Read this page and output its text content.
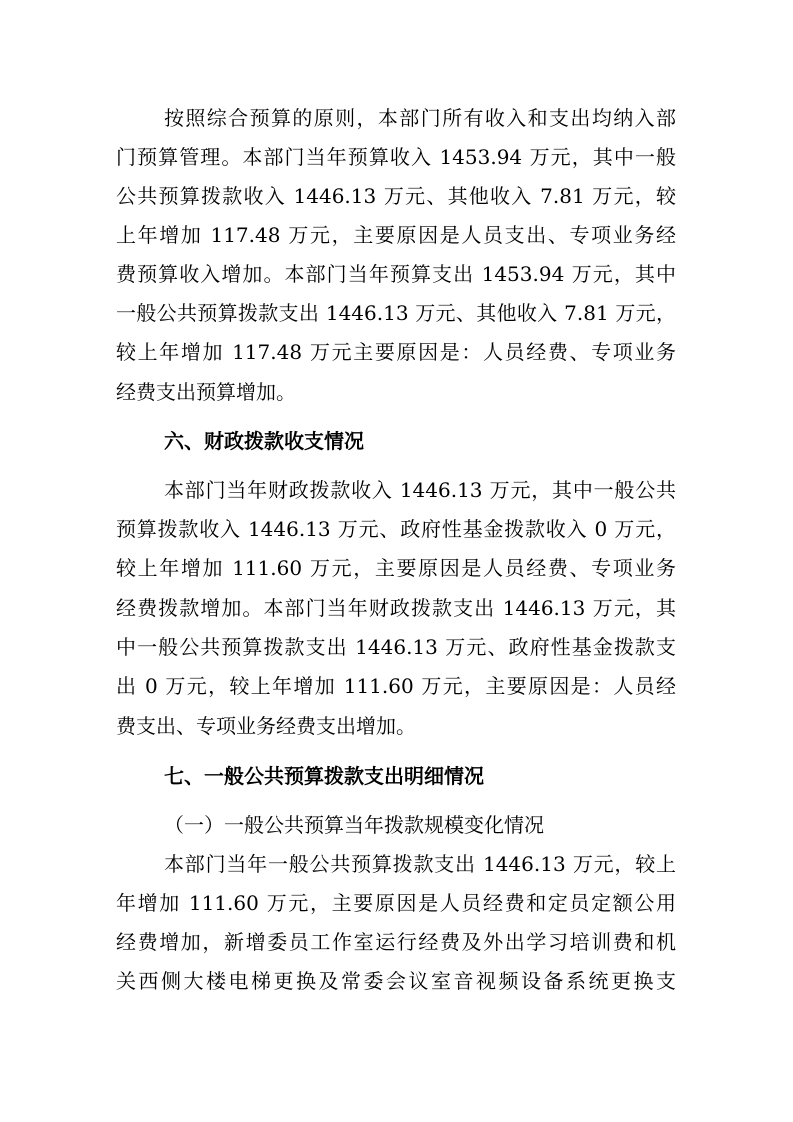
按照综合预算的原则，本部门所有收入和支出均纳入部
门预算管理。本部门当年预算收入 1453.94 万元，其中一般
公共预算拨款收入 1446.13 万元、其他收入 7.81 万元，较
上年增加 117.48 万元，主要原因是人员支出、专项业务经
费预算收入增加。本部门当年预算支出 1453.94 万元，其中
一般公共预算拨款支出 1446.13 万元、其他收入 7.81 万元，
较上年增加 117.48 万元主要原因是：人员经费、专项业务
经费支出预算增加。
六、财政拨款收支情况
本部门当年财政拨款收入 1446.13 万元，其中一般公共
预算拨款收入 1446.13 万元、政府性基金拨款收入 0 万元，
较上年增加 111.60 万元，主要原因是人员经费、专项业务
经费拨款增加。本部门当年财政拨款支出 1446.13 万元，其
中一般公共预算拨款支出 1446.13 万元、政府性基金拨款支
出 0 万元，较上年增加 111.60 万元，主要原因是：人员经
费支出、专项业务经费支出增加。
七、一般公共预算拨款支出明细情况
（一）一般公共预算当年拨款规模变化情况
本部门当年一般公共预算拨款支出 1446.13 万元，较上
年增加 111.60 万元，主要原因是人员经费和定员定额公用
经费增加，新增委员工作室运行经费及外出学习培训费和机
关西侧大楼电梯更换及常委会议室音视频设备系统更换支
